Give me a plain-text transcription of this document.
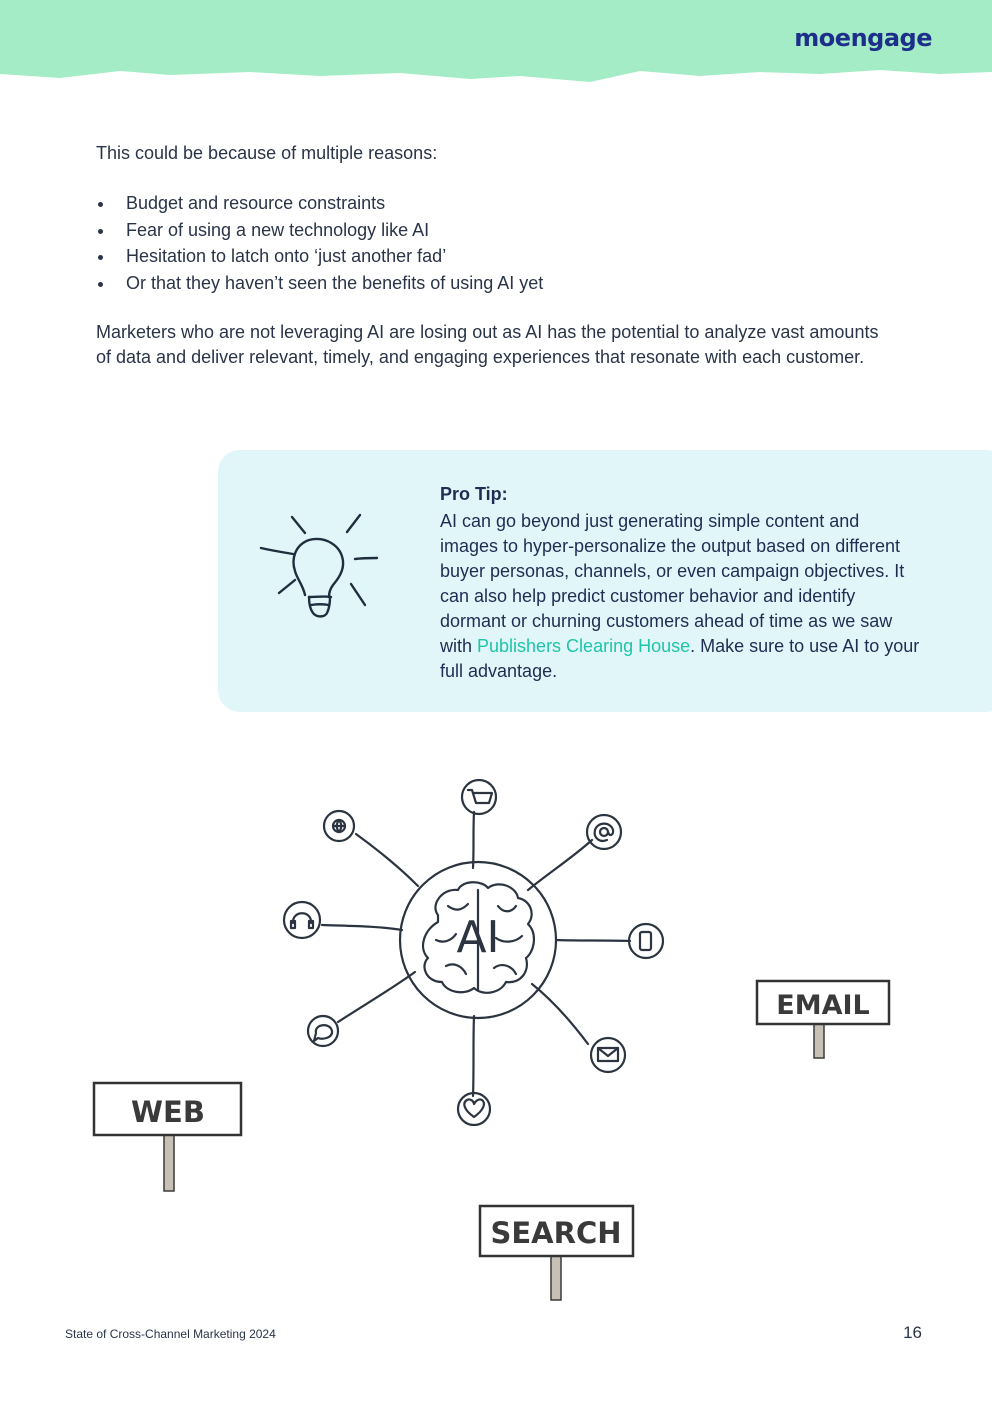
moengage

This could be because of multiple reasons:

Budget and resource constraints
Fear of using a new technology like AI
Hesitation to latch onto ‘just another fad’
Or that they haven’t seen the benefits of using AI yet

Marketers who are not leveraging AI are losing out as AI has the potential to analyze vast amounts of data and deliver relevant, timely, and engaging experiences that resonate with each customer.

Pro Tip:
AI can go beyond just generating simple content and images to hyper-personalize the output based on different buyer personas, channels, or even campaign objectives. It can also help predict customer behavior and identify dormant or churning customers ahead of time as we saw with Publishers Clearing House. Make sure to use AI to your full advantage.
AI
EMAIL
WEB
SEARCH
State of Cross-Channel Marketing 2024	16
